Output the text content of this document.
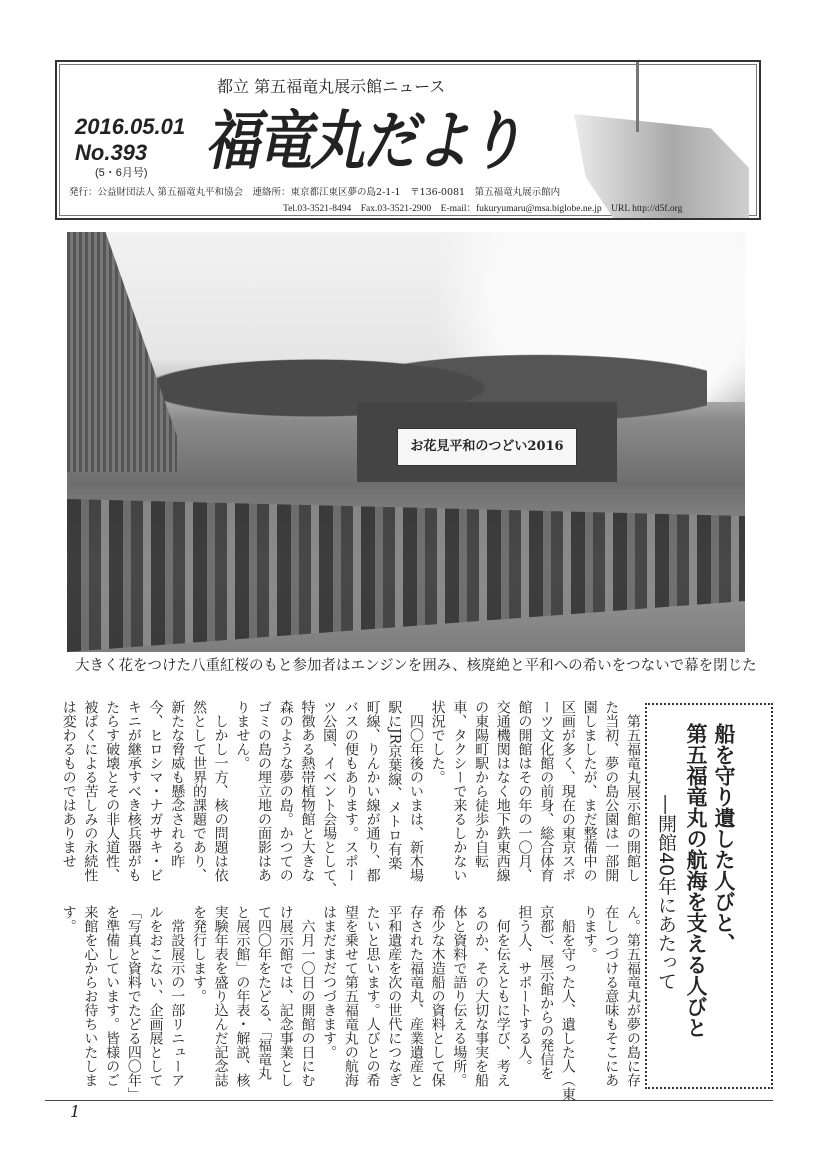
都立 第五福竜丸展示館ニュース
福竜丸だより
2016.05.01
No.393
(5・6月号)
発行：公益財団法人 第五福竜丸平和協会　連絡所：東京都江東区夢の島2-1-1　〒136-0081　第五福竜丸展示館内
Tel.03-3521-8494　Fax.03-3521-2900　E-mail：fukuryumaru@msa.biglobe.ne.jp　URL http://d5f.org
お花見平和のつどい2016
大きく花をつけた八重紅桜のもと参加者はエンジンを囲み、核廃絶と平和への希いをつないで幕を閉じた
　第五福竜丸展示館の開館し
た当初、夢の島公園は一部開
園しましたが、まだ整備中の
区画が多く、現在の東京スポ
ーツ文化館の前身、総合体育
館の開館はその年の一〇月、
交通機関はなく地下鉄東西線
の東陽町駅から徒歩か自転
車、タクシーで来るしかない
状況でした。
　四〇年後のいまは、新木場
駅にJR京葉線、メトロ有楽
町線、りんかい線が通り、都
バスの便もあります。スポー
ツ公園、イベント会場として、
特徴ある熱帯植物館と大きな
森のような夢の島。かつての
ゴミの島の埋立地の面影はあ
りません。
　しかし一方、核の問題は依
然として世界的課題であり、
新たな脅威も懸念される昨
今、ヒロシマ・ナガサキ・ビ
キニが継承すべき核兵器がも
たらす破壊とその非人道性、
被ばくによる苦しみの永続性
は変わるものではありませ
ん。第五福竜丸が夢の島に存
在しつづける意味もそこにあ
ります。
　船を守った人、遺した人（東
京都）、展示館からの発信を
担う人、サポートする人。
　何を伝えともに学び、考え
るのか、その大切な事実を船
体と資料で語り伝える場所。
希少な木造船の資料として保
存された福竜丸、産業遺産と
平和遺産を次の世代につなぎ
たいと思います。人びとの希
望を乗せて第五福竜丸の航海
はまだまだつづきます。
　六月一〇日の開館の日にむ
け展示館では、記念事業とし
て四〇年をたどる、「福竜丸
と展示館」の年表・解説、核
実験年表を盛り込んだ記念誌
を発行します。
　常設展示の一部リニューア
ルをおこない、企画展として
「写真と資料でたどる四〇年」
を準備しています。皆様のご
来館を心からお待ちいたしま
す。	船を守り遺した人びと、
第五福竜丸の航海を支える人びと
―開館40年にあたって
1
